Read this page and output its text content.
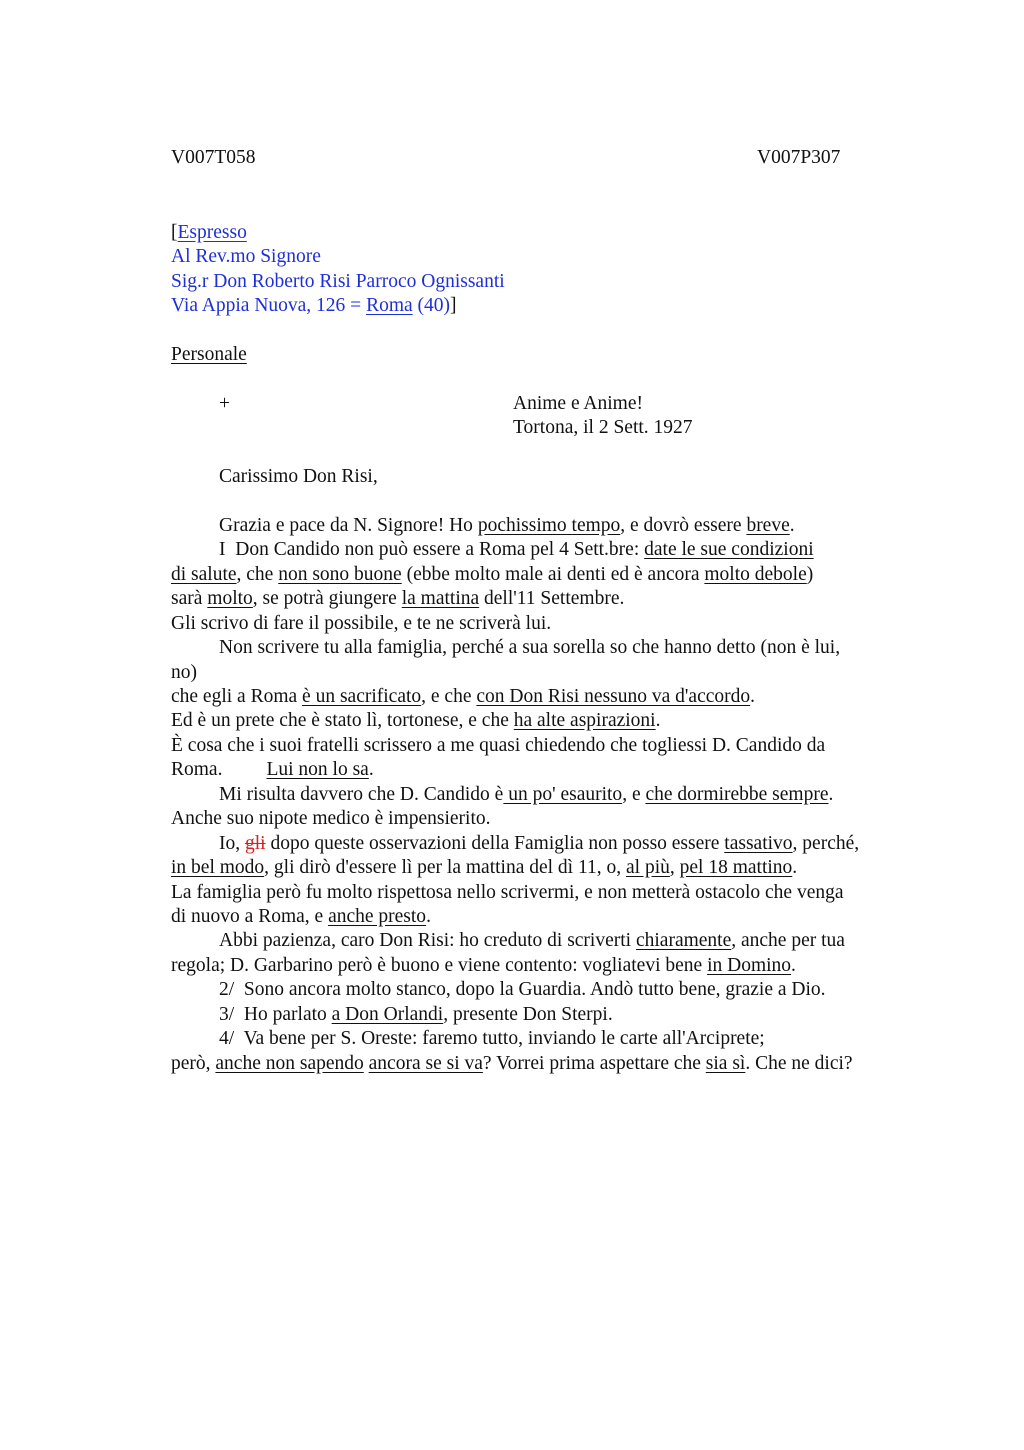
V007T058	V007P307
[Espresso
Al Rev.mo Signore
Sig.r Don Roberto Risi Parroco Ognissanti
Via Appia Nuova, 126 = Roma (40)]
Personale
+	Anime e Anime!
Tortona, il 2 Sett. 1927
Carissimo Don Risi,
Grazia e pace da N. Signore! Ho pochissimo tempo, e dovrò essere breve.
I  Don Candido non può essere a Roma pel 4 Sett.bre: date le sue condizioni
di salute, che non sono buone (ebbe molto male ai denti ed è ancora molto debole)
sarà molto, se potrà giungere la mattina dell'11 Settembre.
Gli scrivo di fare il possibile, e te ne scriverà lui.
Non scrivere tu alla famiglia, perché a sua sorella so che hanno detto (non è lui,
no)
che egli a Roma è un sacrificato, e che con Don Risi nessuno va d'accordo.
Ed è un prete che è stato lì, tortonese, e che ha alte aspirazioni.
È cosa che i suoi fratelli scrissero a me quasi chiedendo che togliessi D. Candido da
Roma. Lui non lo sa.
Mi risulta davvero che D. Candido è un po' esaurito, e che dormirebbe sempre.
Anche suo nipote medico è impensierito.
Io, gli dopo queste osservazioni della Famiglia non posso essere tassativo, perché,
in bel modo, gli dirò d'essere lì per la mattina del dì 11, o, al più, pel 18 mattino.
La famiglia però fu molto rispettosa nello scrivermi, e non metterà ostacolo che venga
di nuovo a Roma, e anche presto.
Abbi pazienza, caro Don Risi: ho creduto di scriverti chiaramente, anche per tua
regola; D. Garbarino però è buono e viene contento: vogliatevi bene in Domino.
2/  Sono ancora molto stanco, dopo la Guardia. Andò tutto bene, grazie a Dio.
3/  Ho parlato a Don Orlandi, presente Don Sterpi.
4/  Va bene per S. Oreste: faremo tutto, inviando le carte all'Arciprete;
però, anche non sapendo ancora se si va? Vorrei prima aspettare che sia sì. Che ne dici?
